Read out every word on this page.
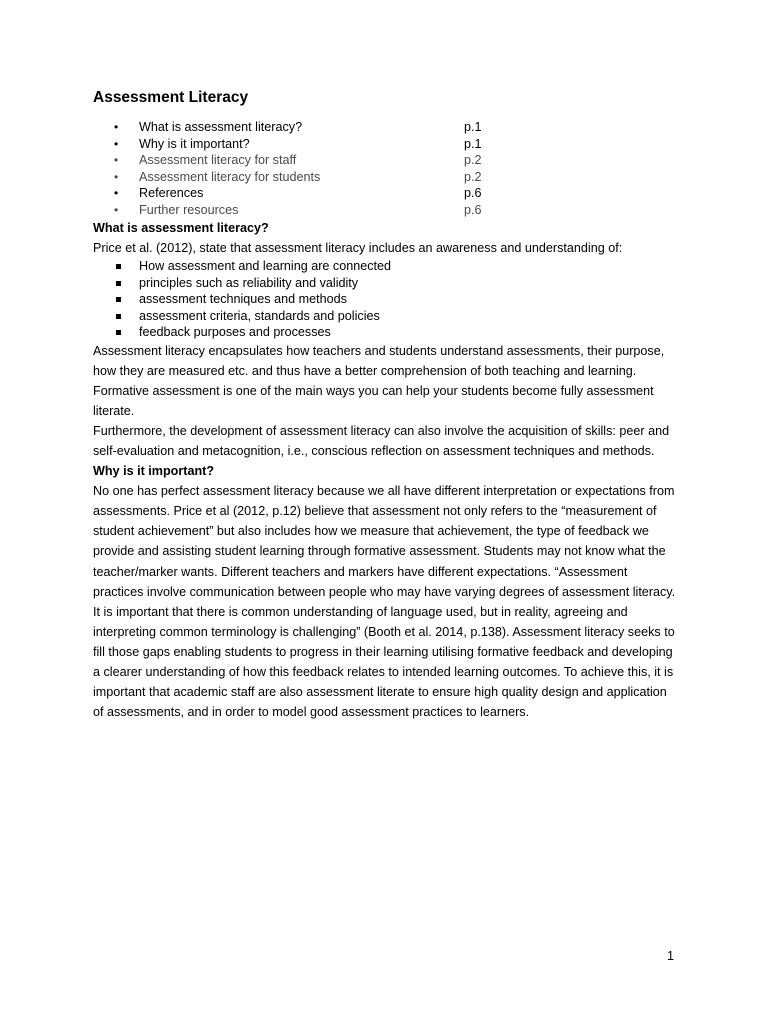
Assessment Literacy
• What is assessment literacy?	p.1
• Why is it important?	p.1
• Assessment literacy for staff	p.2
• Assessment literacy for students	p.2
• References	p.6
• Further resources	p.6
What is assessment literacy?

Price et al. (2012), state that assessment literacy includes an awareness and understanding of:

How assessment and learning are connected
principles such as reliability and validity
assessment techniques and methods
assessment criteria, standards and policies
feedback purposes and processes

Assessment literacy encapsulates how teachers and students understand assessments, their purpose, how they are measured etc. and thus have a better comprehension of both teaching and learning. Formative assessment is one of the main ways you can help your students become fully assessment literate.

Furthermore, the development of assessment literacy can also involve the acquisition of skills: peer and self-evaluation and metacognition, i.e., conscious reflection on assessment techniques and methods.

Why is it important?

No one has perfect assessment literacy because we all have different interpretation or expectations from assessments. Price et al (2012, p.12) believe that assessment not only refers to the “measurement of student achievement” but also includes how we measure that achievement, the type of feedback we provide and assisting student learning through formative assessment. Students may not know what the teacher/marker wants. Different teachers and markers have different expectations. “Assessment practices involve communication between people who may have varying degrees of assessment literacy. It is important that there is common understanding of language used, but in reality, agreeing and interpreting common terminology is challenging” (Booth et al. 2014, p.138). Assessment literacy seeks to fill those gaps enabling students to progress in their learning utilising formative feedback and developing a clearer understanding of how this feedback relates to intended learning outcomes. To achieve this, it is important that academic staff are also assessment literate to ensure high quality design and application of assessments, and in order to model good assessment practices to learners.

1
